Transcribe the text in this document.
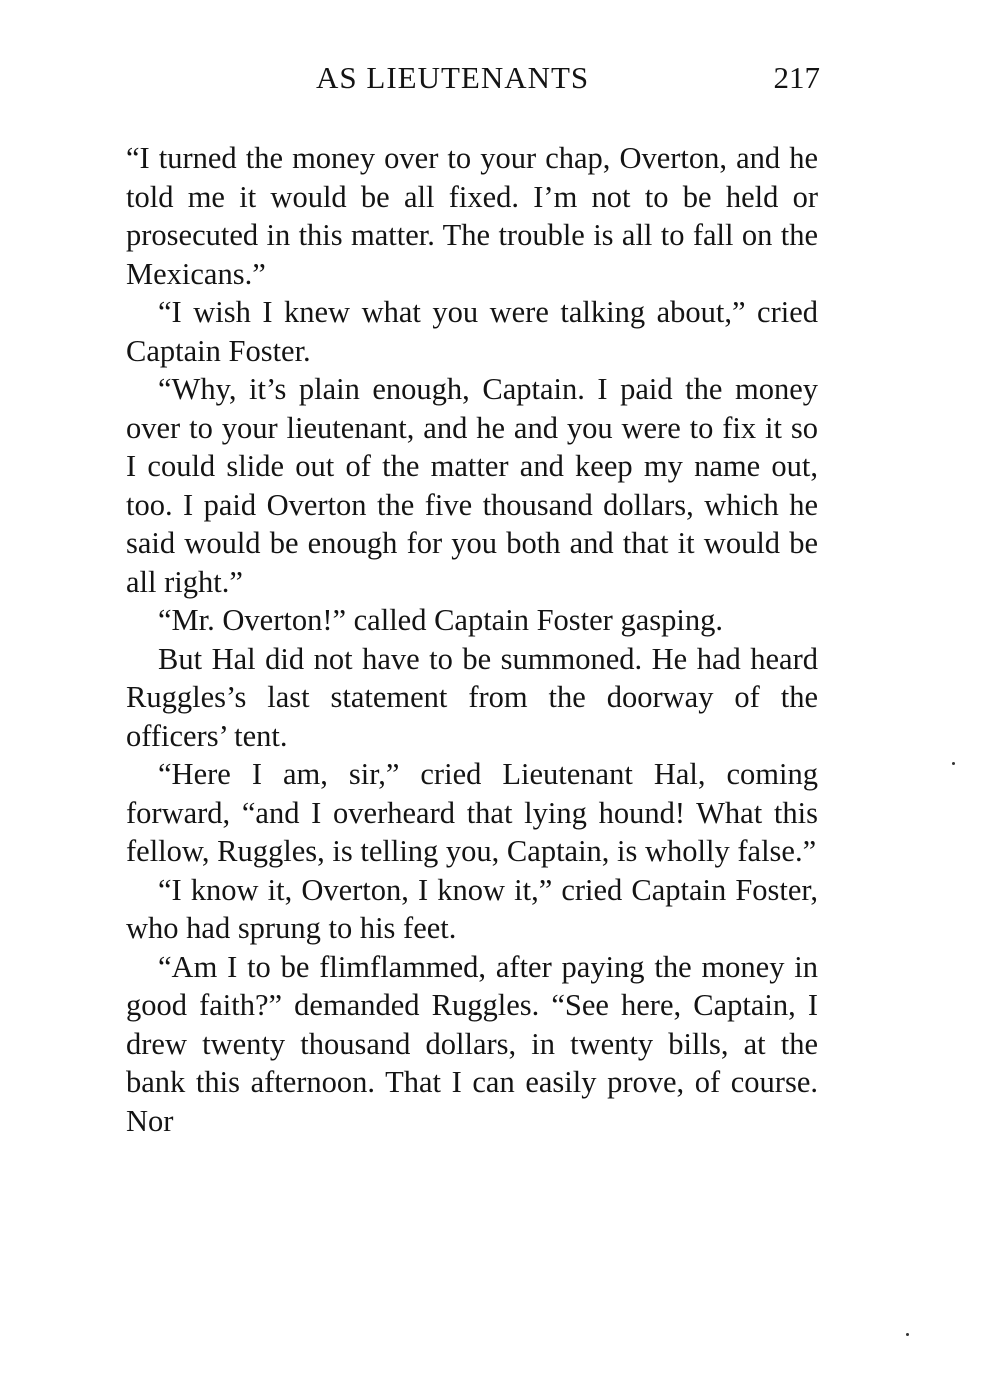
AS LIEUTENANTS	217

“I turned the money over to your chap, Overton, and he told me it would be all fixed. I’m not to be held or prosecuted in this matter. The trouble is all to fall on the Mexicans.”

“I wish I knew what you were talking about,” cried Captain Foster.

“Why, it’s plain enough, Captain. I paid the money over to your lieutenant, and he and you were to fix it so I could slide out of the matter and keep my name out, too. I paid Overton the five thousand dollars, which he said would be enough for you both and that it would be all right.”

“Mr. Overton!” called Captain Foster gasping.

But Hal did not have to be summoned. He had heard Ruggles’s last statement from the doorway of the officers’ tent.

“Here I am, sir,” cried Lieutenant Hal, coming forward, “and I overheard that lying hound! What this fellow, Ruggles, is telling you, Captain, is wholly false.”

“I know it, Overton, I know it,” cried Captain Foster, who had sprung to his feet.

“Am I to be flimflammed, after paying the money in good faith?” demanded Ruggles. “See here, Captain, I drew twenty thousand dollars, in twenty bills, at the bank this afternoon. That I can easily prove, of course. Nor
